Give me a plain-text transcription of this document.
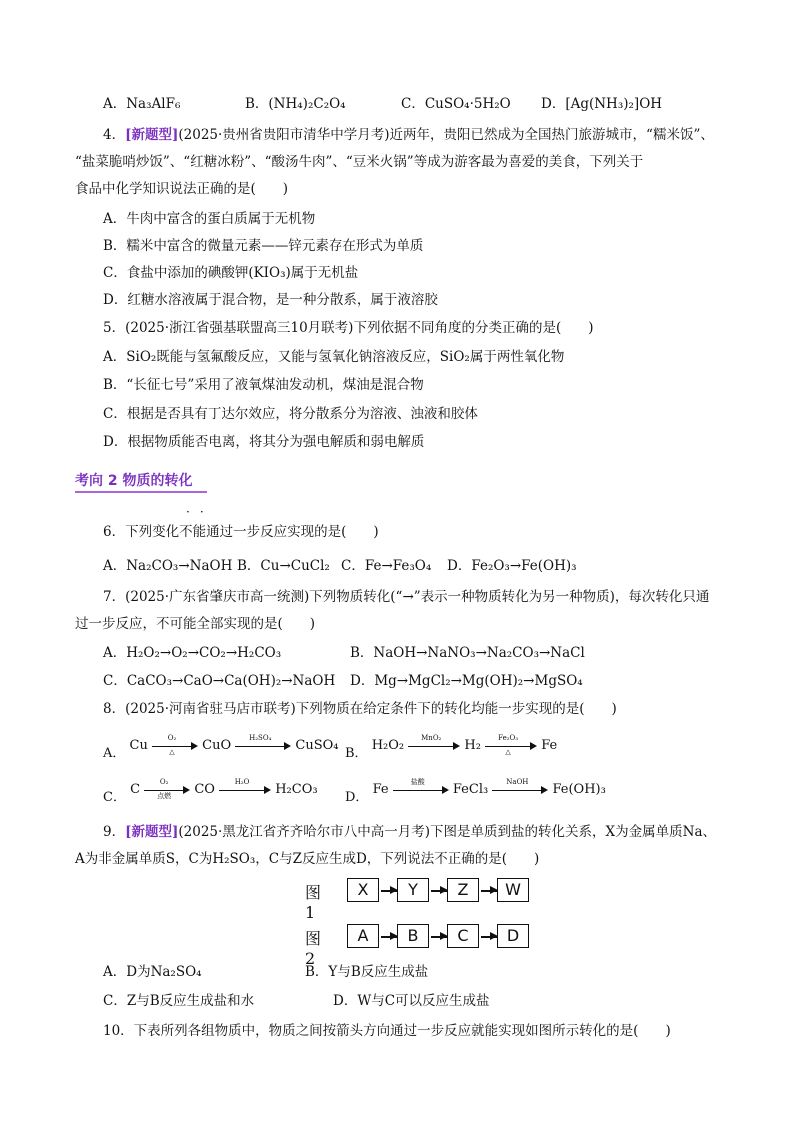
A．Na₃AlF₆	B．(NH₄)₂C₂O₄	C．CuSO₄·5H₂O D．[Ag(NH₃)₂]OH
4．[新题型](2025·贵州省贵阳市清华中学月考)近两年，贵阳已然成为全国热门旅游城市，“糯米饭”、
“盐菜脆哨炒饭”、“红糖冰粉”、“酸汤牛肉”、“豆米火锅”等成为游客最为喜爱的美食，下列关于
食品中化学知识说法正确的是(　　)
A．牛肉中富含的蛋白质属于无机物
B．糯米中富含的微量元素——锌元素存在形式为单质
C．食盐中添加的碘酸钾(KIO₃)属于无机盐
D．红糖水溶液属于混合物，是一种分散系，属于液溶胶
5．(2025·浙江省强基联盟高三10月联考)下列依据不同角度的分类正确的是(　　)
A．SiO₂既能与氢氟酸反应，又能与氢氧化钠溶液反应，SiO₂属于两性氧化物
B．“长征七号”采用了液氧煤油发动机，煤油是混合物
C．根据是否具有丁达尔效应，将分散系分为溶液、浊液和胶体
D．根据物质能否电离，将其分为强电解质和弱电解质
考向 2 物质的转化
··
6．下列变化不能通过一步反应实现的是(　　)
A．Na₂CO₃→NaOH B．Cu→CuCl₂ C．Fe→Fe₃O₄ D．Fe₂O₃→Fe(OH)₃
7．(2025·广东省肇庆市高一统测)下列物质转化(“→”表示一种物质转化为另一种物质)，每次转化只通
过一步反应，不可能全部实现的是(　　)
A．H₂O₂→O₂→CO₂→H₂CO₃	B．NaOH→NaNO₃→Na₂CO₃→NaCl
C．CaCO₃→CaO→Ca(OH)₂→NaOH D．Mg→MgCl₂→Mg(OH)₂→MgSO₄
8．(2025·河南省驻马店市联考)下列物质在给定条件下的转化均能一步实现的是(　　)
A． Cu
O₂
△	CuO
H₂SO₄
CuSO₄
B． H₂O₂
MnO₂
H₂
Fe₂O₃
△	Fe
C． C
O₂
点燃	CO
H₂O
H₂CO₃
D． Fe
盐酸
FeCl₃
NaOH
Fe(OH)₃
9．[新题型](2025·黑龙江省齐齐哈尔市八中高一月考)下图是单质到盐的转化关系，X为金属单质Na、
A为非金属单质S，C为H₂SO₃，C与Z反应生成D，下列说法不正确的是(　　)
图1
X	Y	Z	W
图2
A	B	C	D
A．D为Na₂SO₄	B．Y与B反应生成盐
C．Z与B反应生成盐和水	D．W与C可以反应生成盐
10．下表所列各组物质中，物质之间按箭头方向通过一步反应就能实现如图所示转化的是(　　)
